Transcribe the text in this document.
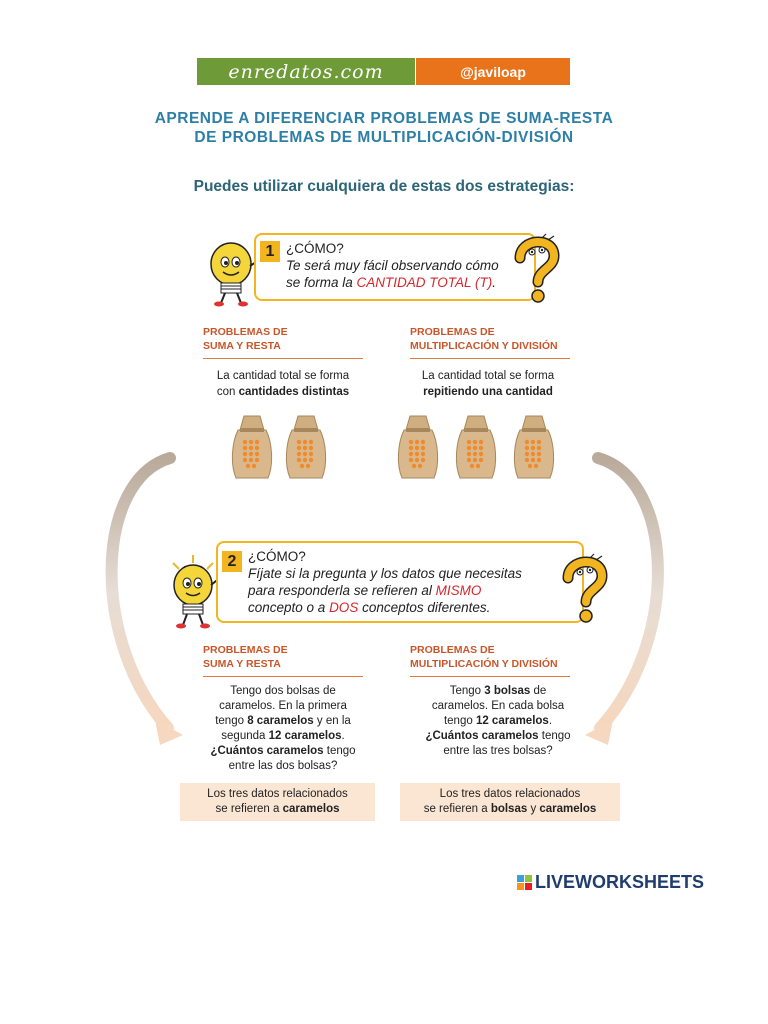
enredatos.com	@javiloap
APRENDE A DIFERENCIAR PROBLEMAS DE SUMA-RESTA
DE PROBLEMAS DE MULTIPLICACIÓN-DIVISIÓN
Puedes utilizar cualquiera de estas dos estrategias:
1 ¿CÓMO?
Te será muy fácil observando cómo
se forma la CANTIDAD TOTAL (T).
PROBLEMAS DE
SUMA Y RESTA
PROBLEMAS DE
MULTIPLICACIÓN Y DIVISIÓN
La cantidad total se forma
con cantidades distintas
La cantidad total se forma
repitiendo una cantidad
2 ¿CÓMO?
Fíjate si la pregunta y los datos que necesitas
para responderla se refieren al MISMO
concepto o a DOS conceptos diferentes.
PROBLEMAS DE
SUMA Y RESTA
PROBLEMAS DE
MULTIPLICACIÓN Y DIVISIÓN
Tengo dos bolsas de
caramelos. En la primera
tengo 8 caramelos y en la
segunda 12 caramelos.
¿Cuántos caramelos tengo
entre las dos bolsas?
Tengo 3 bolsas de
caramelos. En cada bolsa
tengo 12 caramelos.
¿Cuántos caramelos tengo
entre las tres bolsas?
Los tres datos relacionados
se refieren a caramelos
Los tres datos relacionados
se refieren a bolsas y caramelos
LIVEWORKSHEETS
